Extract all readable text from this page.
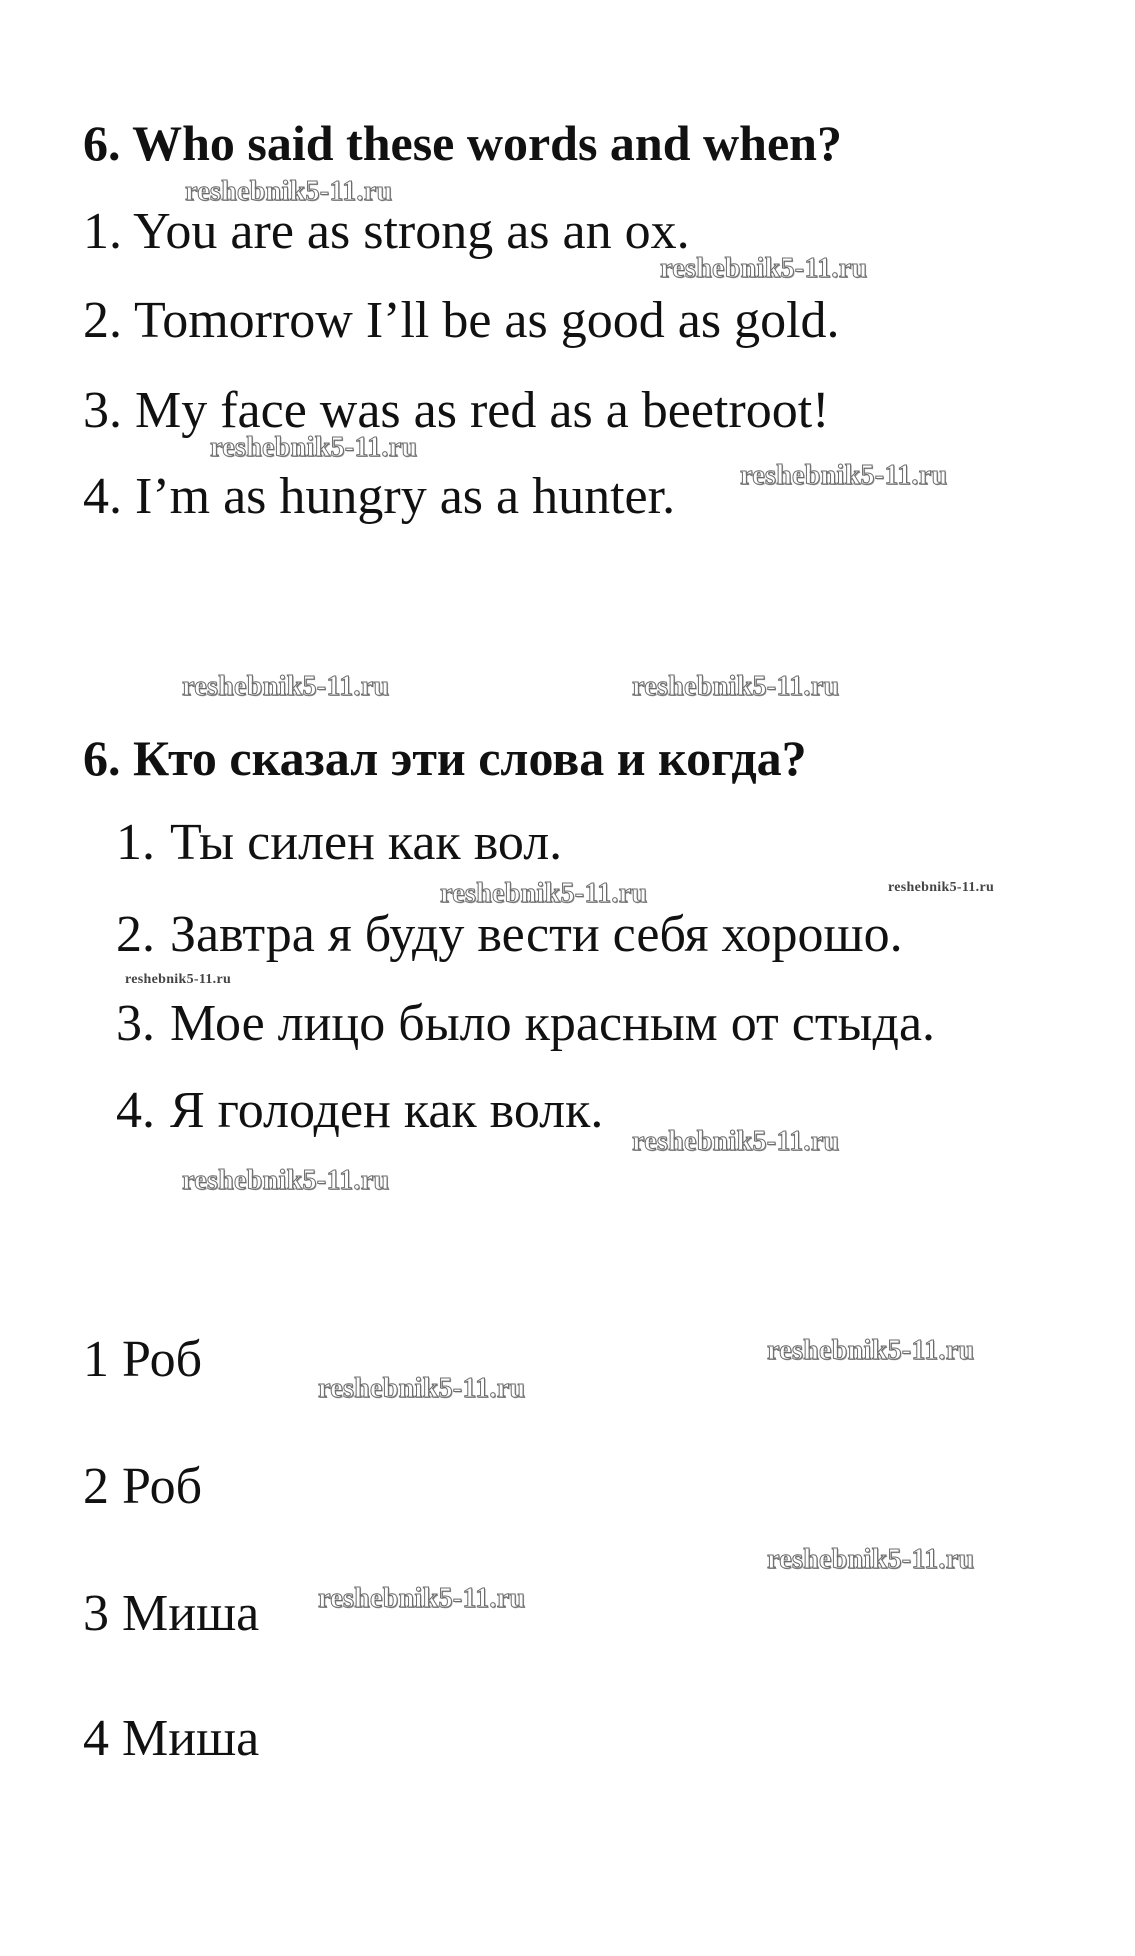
6. Who said these words and when?
1. You are as strong as an ox.
2. Tomorrow I’ll be as good as gold.
3. My face was as red as a beetroot!
4. I’m as hungry as a hunter.
6. Кто сказал эти слова и когда?
1. Ты силен как вол.
2. Завтра я буду вести себя хорошо.
3. Мое лицо было красным от стыда.
4. Я голоден как волк.
1 Роб
2 Роб
3 Миша
4 Миша
reshebnik5-11.ru
reshebnik5-11.ru
reshebnik5-11.ru
reshebnik5-11.ru
reshebnik5-11.ru	reshebnik5-11.ru
reshebnik5-11.ru	reshebnik5-11.ru
reshebnik5-11.ru
reshebnik5-11.ru
reshebnik5-11.ru
reshebnik5-11.ru
reshebnik5-11.ru
reshebnik5-11.ru
reshebnik5-11.ru
